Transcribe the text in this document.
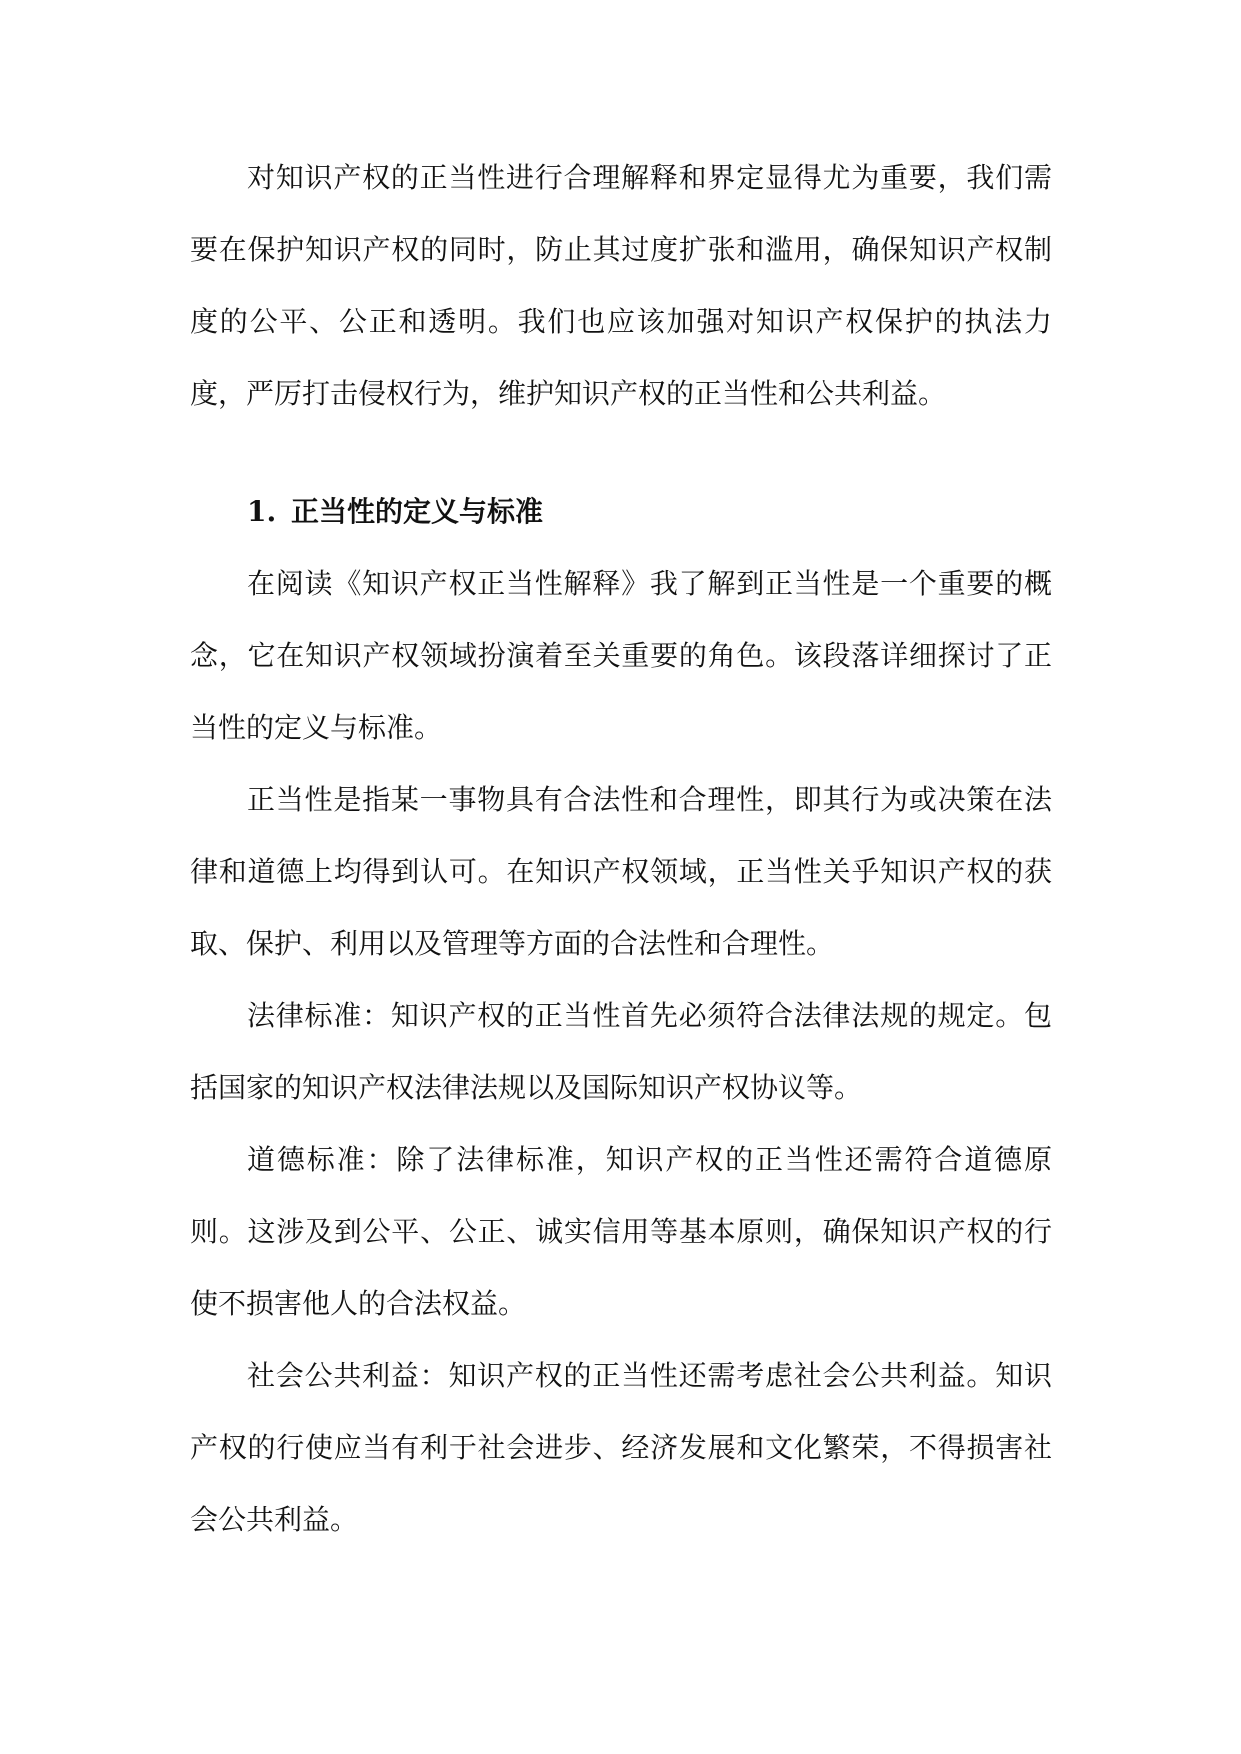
对知识产权的正当性进行合理解释和界定显得尤为重要，我们需要在保护知识产权的同时，防止其过度扩张和滥用，确保知识产权制度的公平、公正和透明。我们也应该加强对知识产权保护的执法力度，严厉打击侵权行为，维护知识产权的正当性和公共利益。

1. 正当性的定义与标准

在阅读《知识产权正当性解释》我了解到正当性是一个重要的概念，它在知识产权领域扮演着至关重要的角色。该段落详细探讨了正当性的定义与标准。

正当性是指某一事物具有合法性和合理性，即其行为或决策在法律和道德上均得到认可。在知识产权领域，正当性关乎知识产权的获取、保护、利用以及管理等方面的合法性和合理性。

法律标准：知识产权的正当性首先必须符合法律法规的规定。包括国家的知识产权法律法规以及国际知识产权协议等。

道德标准：除了法律标准，知识产权的正当性还需符合道德原则。这涉及到公平、公正、诚实信用等基本原则，确保知识产权的行使不损害他人的合法权益。

社会公共利益：知识产权的正当性还需考虑社会公共利益。知识产权的行使应当有利于社会进步、经济发展和文化繁荣，不得损害社会公共利益。
